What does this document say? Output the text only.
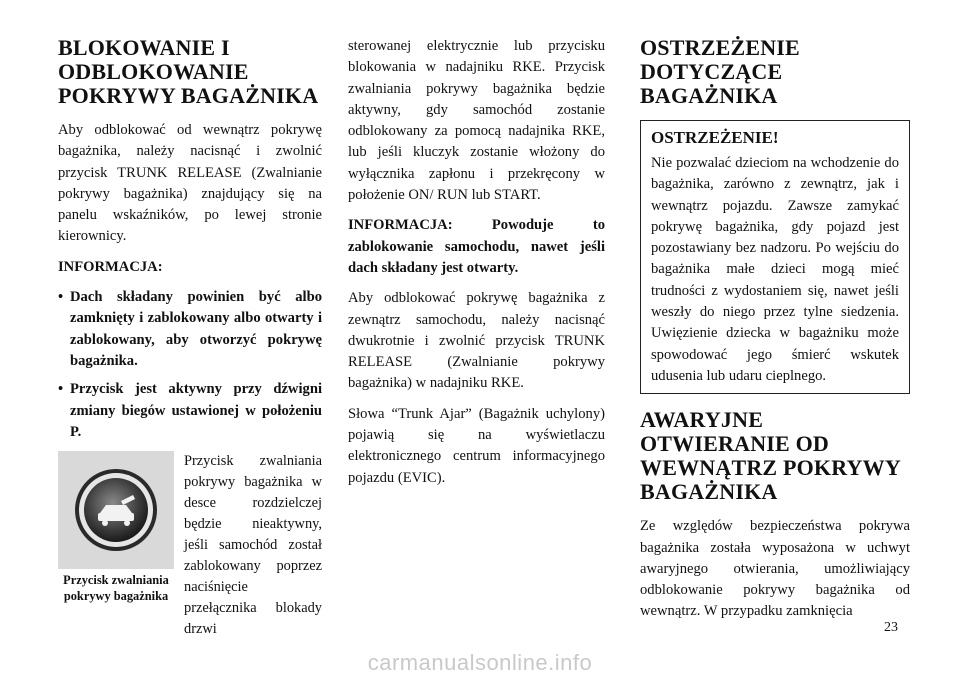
BLOKOWANIE I ODBLOKOWANIE POKRYWY BAGAŻNIKA

Aby odblokować od wewnątrz pokrywę bagażnika, należy nacisnąć i zwolnić przycisk TRUNK RELEASE (Zwalnianie pokrywy bagażnika) znajdujący się na panelu wskaźników, po lewej stronie kierownicy.

INFORMACJA:

• Dach składany powinien być albo zamknięty i zablokowany albo otwarty i zablokowany, aby otworzyć pokrywę bagażnika.
• Przycisk jest aktywny przy dźwigni zmiany biegów ustawionej w położeniu P.
Przycisk zwalniania pokrywy bagażnika

Przycisk zwalniania pokrywy bagażnika w desce rozdzielczej będzie nieaktywny, jeśli samochód został zablokowany poprzez naciśnięcie przełącznika blokady drzwi

sterowanej elektrycznie lub przycisku blokowania w nadajniku RKE. Przycisk zwalniania pokrywy bagażnika będzie aktywny, gdy samochód zostanie odblokowany za pomocą nadajnika RKE, lub jeśli kluczyk zostanie włożony do wyłącznika zapłonu i przekręcony w położenie ON/ RUN lub START.

INFORMACJA: Powoduje to zablokowanie samochodu, nawet jeśli dach składany jest otwarty.

Aby odblokować pokrywę bagażnika z zewnątrz samochodu, należy nacisnąć dwukrotnie i zwolnić przycisk TRUNK RELEASE (Zwalnianie pokrywy bagażnika) w nadajniku RKE.

Słowa “Trunk Ajar” (Bagażnik uchylony) pojawią się na wyświetlaczu elektronicznego centrum informacyjnego pojazdu (EVIC).

OSTRZEŻENIE DOTYCZĄCE BAGAŻNIKA
OSTRZEŻENIE!

Nie pozwalać dzieciom na wchodzenie do bagażnika, zarówno z zewnątrz, jak i wewnątrz pojazdu. Zawsze zamykać pokrywę bagażnika, gdy pojazd jest pozostawiany bez nadzoru. Po wejściu do bagażnika małe dzieci mogą mieć trudności z wydostaniem się, nawet jeśli weszły do niego przez tylne siedzenia. Uwięzienie dziecka w bagażniku może spowodować jego śmierć wskutek udusenia lub udaru cieplnego.

AWARYJNE OTWIERANIE OD WEWNĄTRZ POKRYWY BAGAŻNIKA

Ze względów bezpieczeństwa pokrywa bagażnika została wyposażona w uchwyt awaryjnego otwierania, umożliwiający odblokowanie pokrywy bagażnika od wewnątrz. W przypadku zamknięcia

23
carmanualsonline.info
